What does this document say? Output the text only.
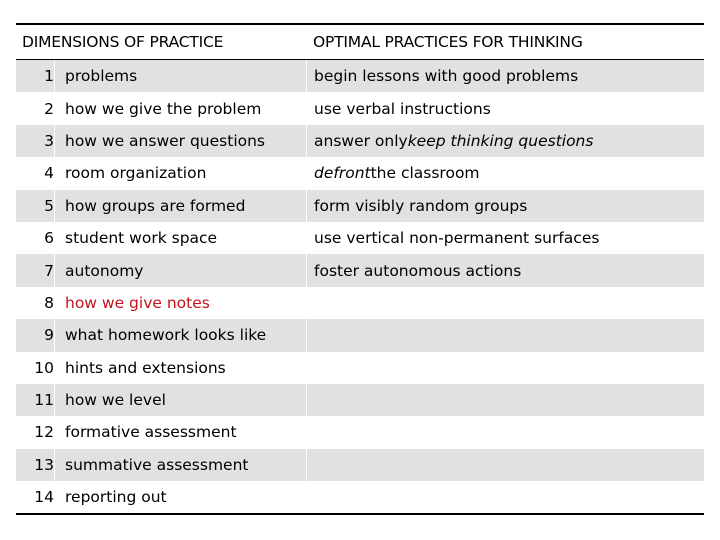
DIMENSIONS OF PRACTICE	OPTIMAL PRACTICES FOR THINKING
1 problems	begin lessons with good problems
2 how we give the problem	use verbal instructions
3 how we answer questions	answer only keep thinking questions
4 room organization	defront the classroom
5 how groups are formed	form visibly random groups
6 student work space	use vertical non-permanent surfaces
7 autonomy	foster autonomous actions
8 how we give notes
9 what homework looks like
10 hints and extensions
11 how we level
12 formative assessment
13 summative assessment
14 reporting out
